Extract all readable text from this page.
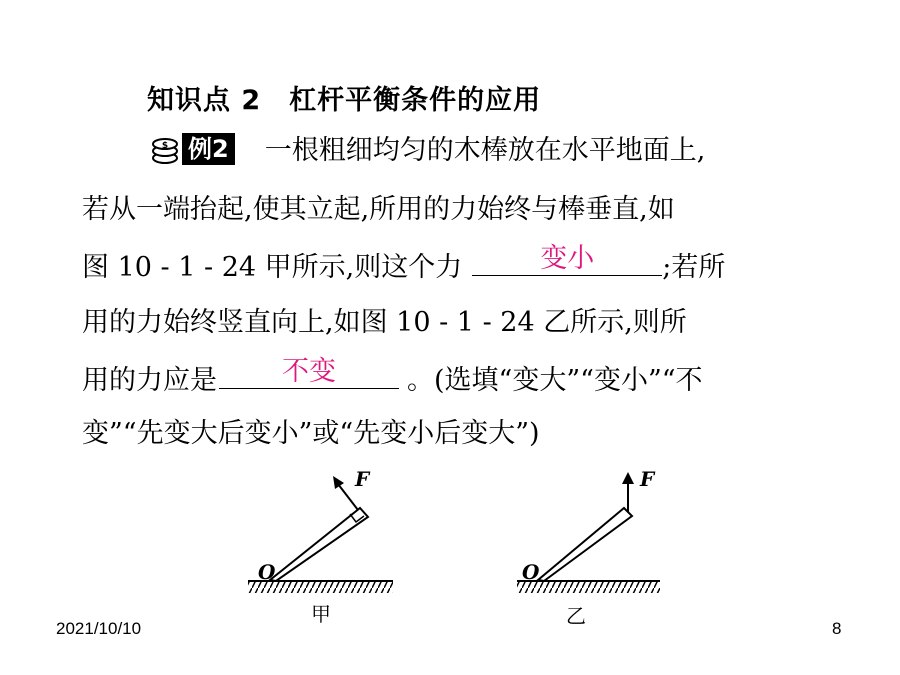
知识点 2 杠杆平衡条件的应用
$ 例2 一根粗细均匀的木棒放在水平地面上,
若从一端抬起,使其立起,所用的力始终与棒垂直,如
图 10 - 1 - 24 甲所示,则这个力	变小	;若所
用的力始终竖直向上,如图 10 - 1 - 24 乙所示,则所
用的力应是	不变	。(选填“变大”“变小”“不
变”“先变大后变小”或“先变小后变大”)
F
O
甲
F
O
乙
2021/10/10	8
